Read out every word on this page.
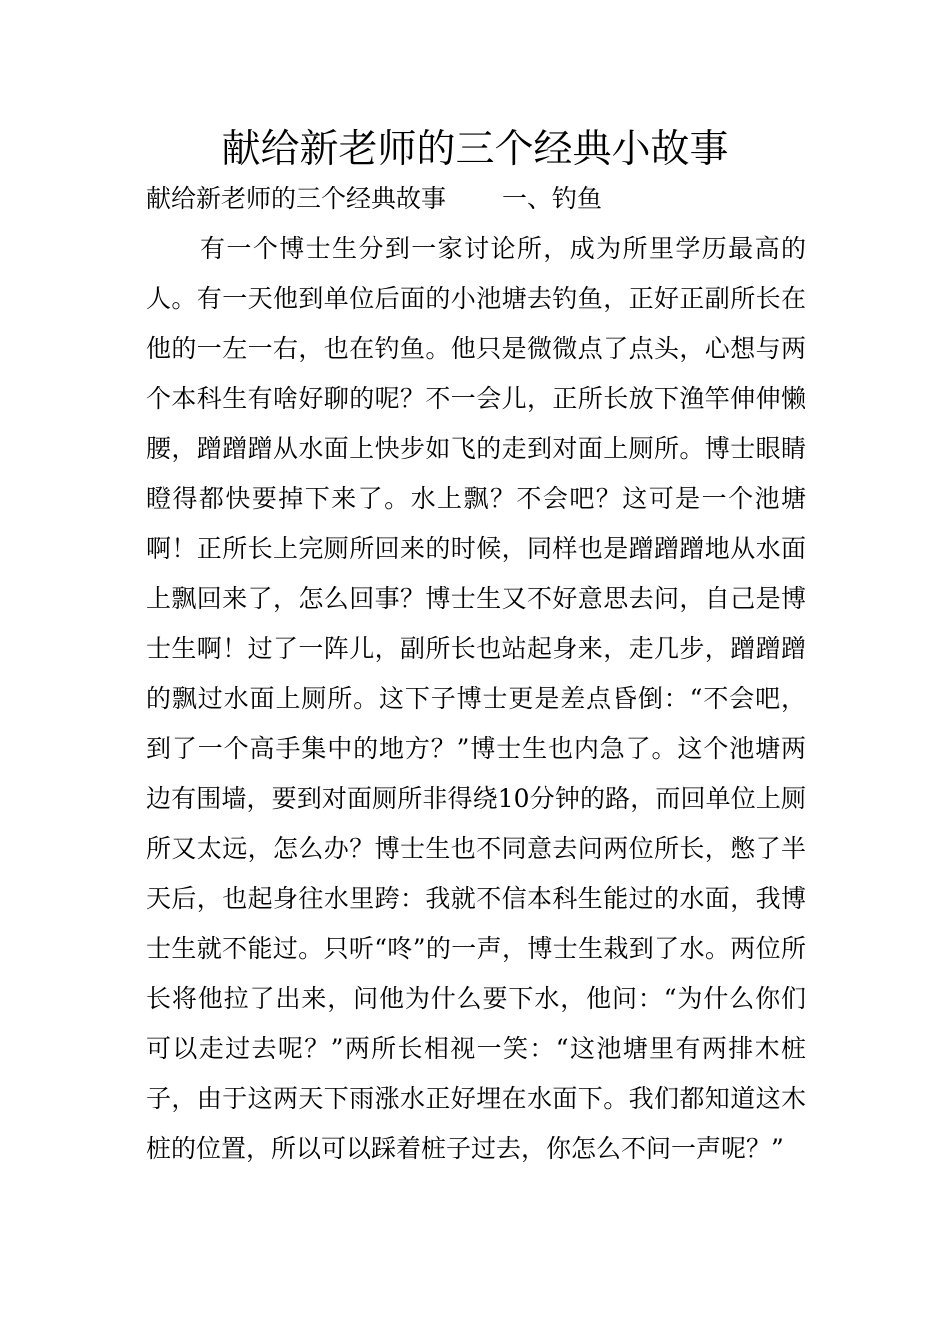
献给新老师的三个经典小故事
献给新老师的三个经典故事 一、钓鱼

有一个博士生分到一家讨论所，成为所里学历最高的人。有一天他到单位后面的小池塘去钓鱼，正好正副所长在他的一左一右，也在钓鱼。他只是微微点了点头，心想与两个本科生有啥好聊的呢？不一会儿，正所长放下渔竿伸伸懒腰，蹭蹭蹭从水面上快步如飞的走到对面上厕所。博士眼睛瞪得都快要掉下来了。水上飘？不会吧？这可是一个池塘啊！正所长上完厕所回来的时候，同样也是蹭蹭蹭地从水面上飘回来了，怎么回事？博士生又不好意思去问，自己是博士生啊！过了一阵儿，副所长也站起身来，走几步，蹭蹭蹭的飘过水面上厕所。这下子博士更是差点昏倒：“不会吧，到了一个高手集中的地方？”博士生也内急了。这个池塘两边有围墙，要到对面厕所非得绕10分钟的路，而回单位上厕所又太远，怎么办？博士生也不同意去问两位所长，憋了半天后，也起身往水里跨：我就不信本科生能过的水面，我博士生就不能过。只听“咚”的一声，博士生栽到了水。两位所长将他拉了出来，问他为什么要下水，他问：“为什么你们可以走过去呢？”两所长相视一笑：“这池塘里有两排木桩子，由于这两天下雨涨水正好埋在水面下。我们都知道这木桩的位置，所以可以踩着桩子过去，你怎么不问一声呢？”
